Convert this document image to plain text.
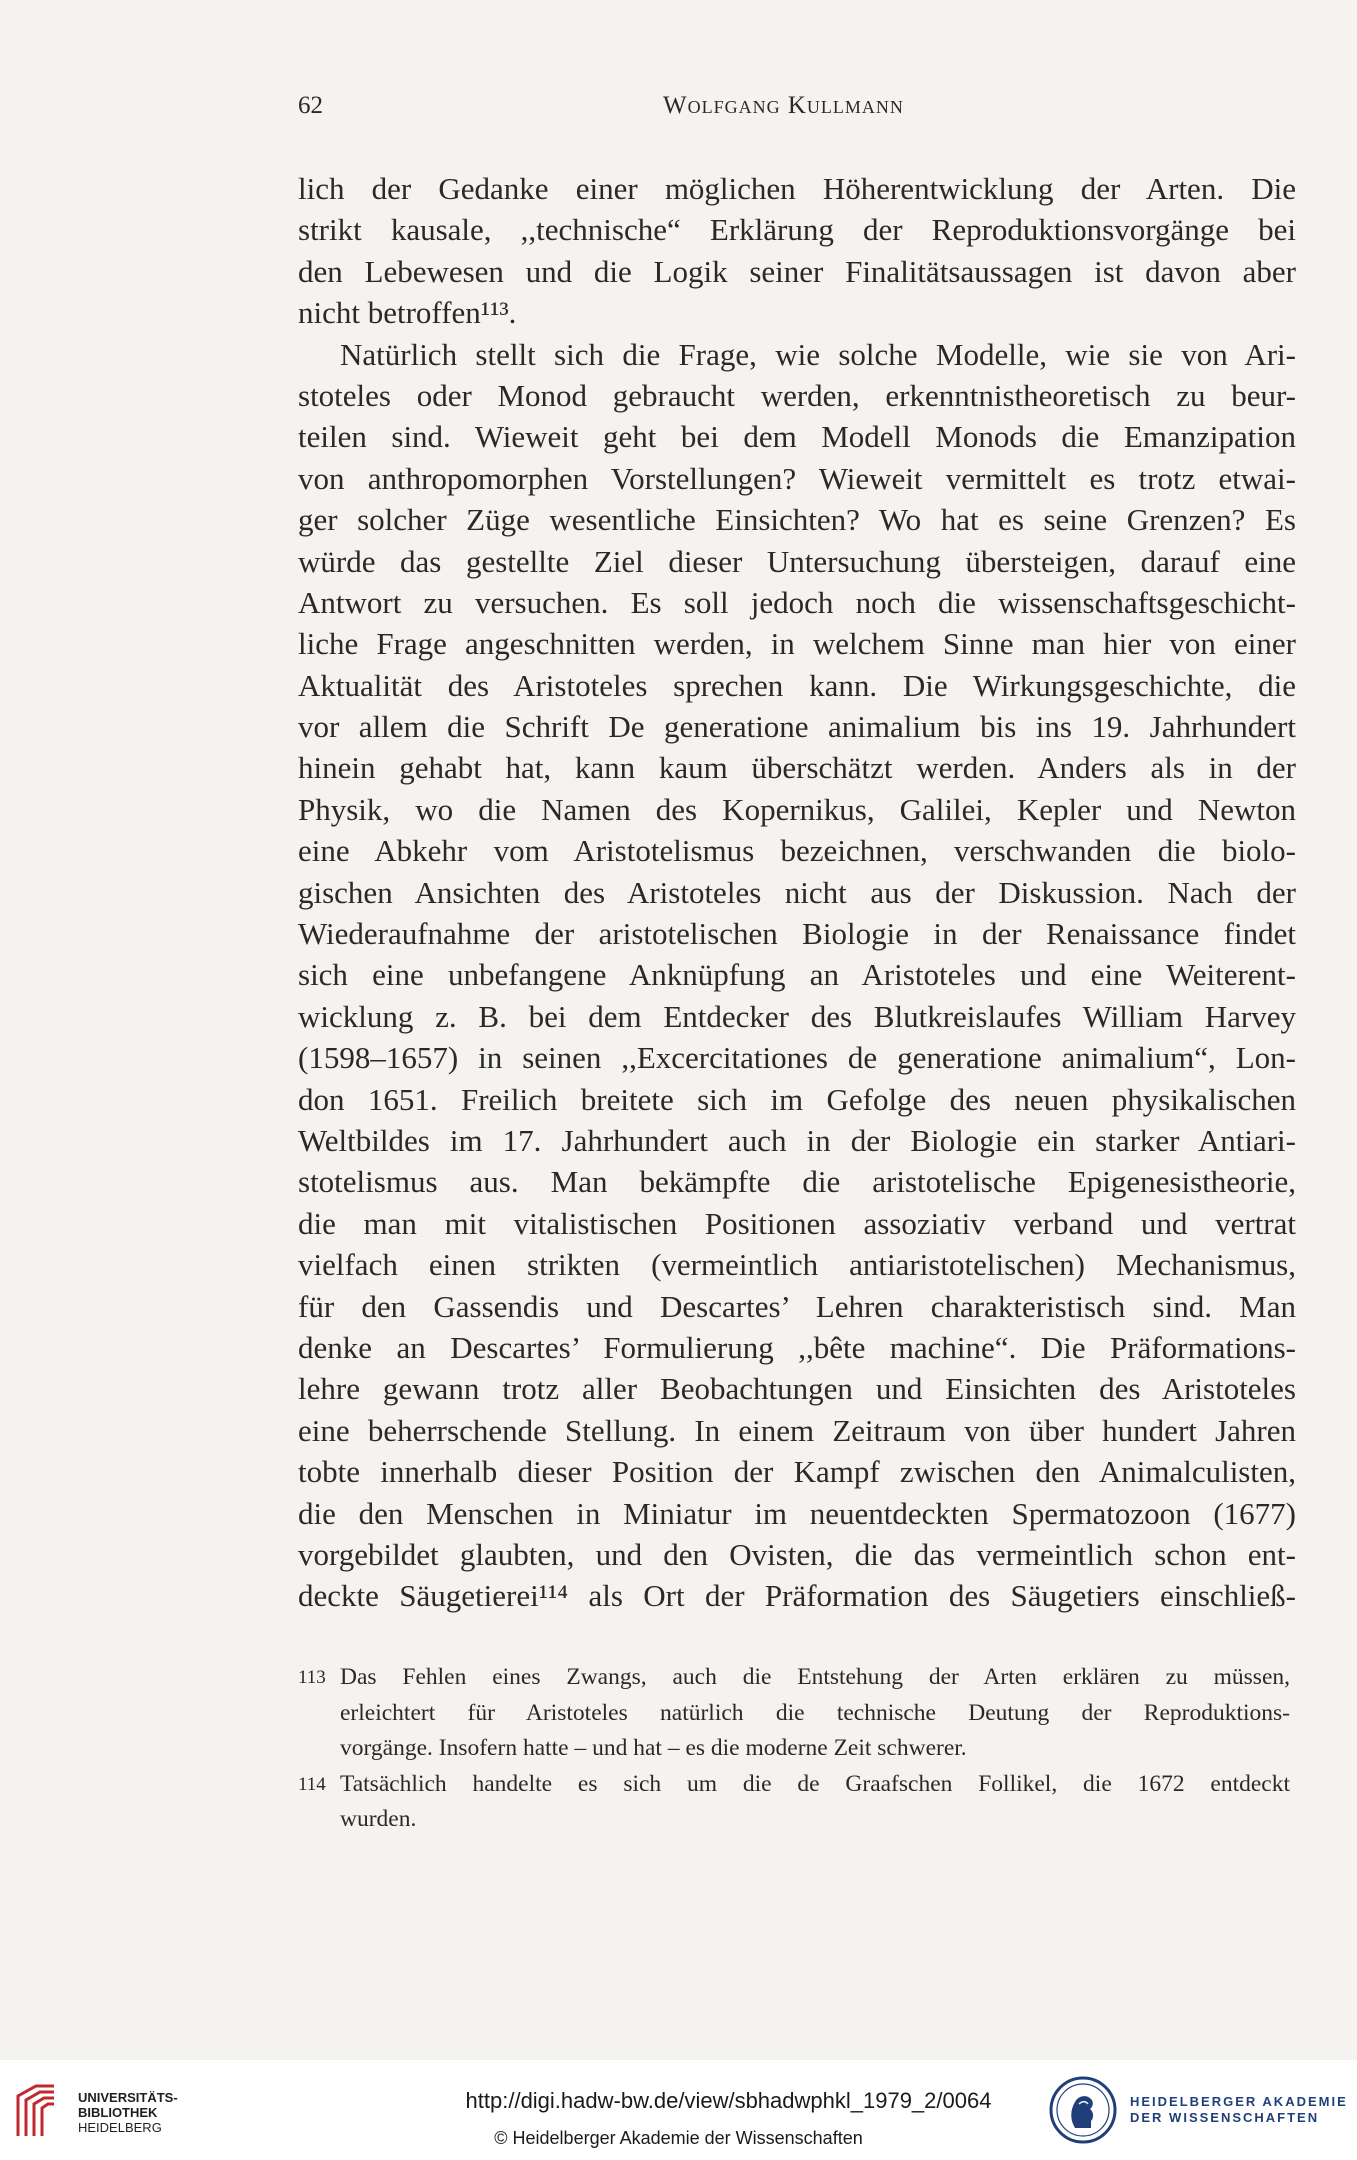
62	Wolfgang Kullmann
lich der Gedanke einer möglichen Höherentwicklung der Arten. Die
strikt kausale, ,,technische“ Erklärung der Reproduktionsvorgänge bei
den Lebewesen und die Logik seiner Finalitätsaussagen ist davon aber
nicht betroffen¹¹³.
Natürlich stellt sich die Frage, wie solche Modelle, wie sie von Ari-
stoteles oder Monod gebraucht werden, erkenntnistheoretisch zu beur-
teilen sind. Wieweit geht bei dem Modell Monods die Emanzipation
von anthropomorphen Vorstellungen? Wieweit vermittelt es trotz etwai-
ger solcher Züge wesentliche Einsichten? Wo hat es seine Grenzen? Es
würde das gestellte Ziel dieser Untersuchung übersteigen, darauf eine
Antwort zu versuchen. Es soll jedoch noch die wissenschaftsgeschicht-
liche Frage angeschnitten werden, in welchem Sinne man hier von einer
Aktualität des Aristoteles sprechen kann. Die Wirkungsgeschichte, die
vor allem die Schrift De generatione animalium bis ins 19. Jahrhundert
hinein gehabt hat, kann kaum überschätzt werden. Anders als in der
Physik, wo die Namen des Kopernikus, Galilei, Kepler und Newton
eine Abkehr vom Aristotelismus bezeichnen, verschwanden die biolo-
gischen Ansichten des Aristoteles nicht aus der Diskussion. Nach der
Wiederaufnahme der aristotelischen Biologie in der Renaissance findet
sich eine unbefangene Anknüpfung an Aristoteles und eine Weiterent-
wicklung z. B. bei dem Entdecker des Blutkreislaufes William Harvey
(1598–1657) in seinen ,,Excercitationes de generatione animalium“, Lon-
don 1651. Freilich breitete sich im Gefolge des neuen physikalischen
Weltbildes im 17. Jahrhundert auch in der Biologie ein starker Antiari-
stotelismus aus. Man bekämpfte die aristotelische Epigenesistheorie,
die man mit vitalistischen Positionen assoziativ verband und vertrat
vielfach einen strikten (vermeintlich antiaristotelischen) Mechanismus,
für den Gassendis und Descartes’ Lehren charakteristisch sind. Man
denke an Descartes’ Formulierung ,,bête machine“. Die Präformations-
lehre gewann trotz aller Beobachtungen und Einsichten des Aristoteles
eine beherrschende Stellung. In einem Zeitraum von über hundert Jahren
tobte innerhalb dieser Position der Kampf zwischen den Animalculisten,
die den Menschen in Miniatur im neuentdeckten Spermatozoon (1677)
vorgebildet glaubten, und den Ovisten, die das vermeintlich schon ent-
deckte Säugetierei¹¹⁴ als Ort der Präformation des Säugetiers einschließ-
113 Das Fehlen eines Zwangs, auch die Entstehung der Arten erklären zu müssen,
erleichtert für Aristoteles natürlich die technische Deutung der Reproduktions-
vorgänge. Insofern hatte – und hat – es die moderne Zeit schwerer.
114 Tatsächlich handelte es sich um die de Graafschen Follikel, die 1672 entdeckt
wurden.
UNIVERSITÄTS-
BIBLIOTHEK
HEIDELBERG
http://digi.hadw-bw.de/view/sbhadwphkl_1979_2/0064
© Heidelberger Akademie der Wissenschaften
HEIDELBERGER AKADEMIE
DER WISSENSCHAFTEN
